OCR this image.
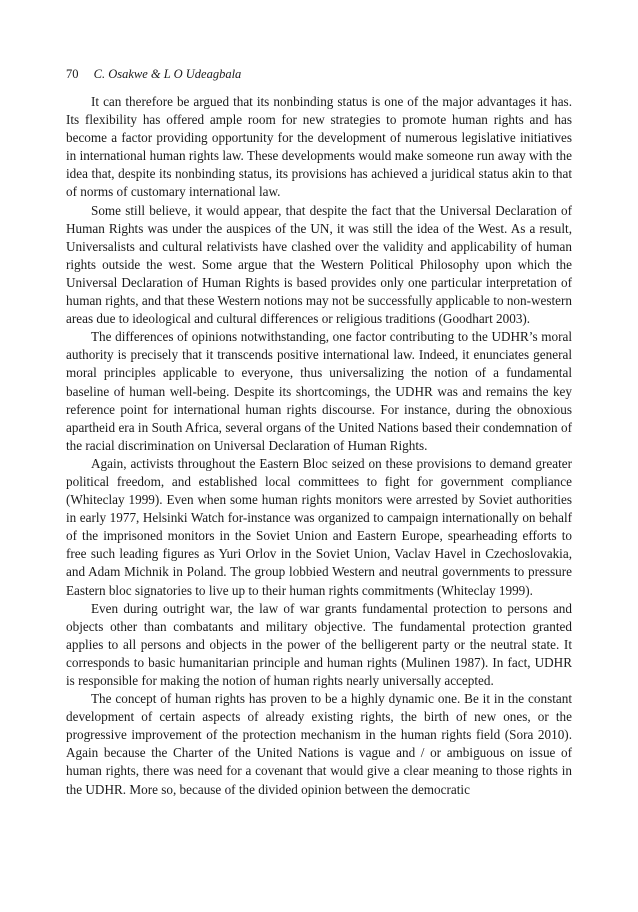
70 C. Osakwe & L O Udeagbala

It can therefore be argued that its nonbinding status is one of the major advantages it has. Its flexibility has offered ample room for new strategies to promote human rights and has become a factor providing opportunity for the development of numerous legislative initiatives in international human rights law. These developments would make someone run away with the idea that, despite its nonbinding status, its provisions has achieved a juridical status akin to that of norms of customary international law.

Some still believe, it would appear, that despite the fact that the Universal Declaration of Human Rights was under the auspices of the UN, it was still the idea of the West. As a result, Universalists and cultural relativists have clashed over the validity and applicability of human rights outside the west. Some argue that the Western Political Philosophy upon which the Universal Declaration of Human Rights is based provides only one particular interpretation of human rights, and that these Western notions may not be successfully applicable to non-western areas due to ideological and cultural differences or religious traditions (Goodhart 2003).

The differences of opinions notwithstanding, one factor contributing to the UDHR’s moral authority is precisely that it transcends positive international law. Indeed, it enunciates general moral principles applicable to everyone, thus universalizing the notion of a fundamental baseline of human well-being. Despite its shortcomings, the UDHR was and remains the key reference point for international human rights discourse. For instance, during the obnoxious apartheid era in South Africa, several organs of the United Nations based their condemnation of the racial discrimination on Universal Declaration of Human Rights.

Again, activists throughout the Eastern Bloc seized on these provisions to demand greater political freedom, and established local committees to fight for government compliance (Whiteclay 1999). Even when some human rights monitors were arrested by Soviet authorities in early 1977, Helsinki Watch for-instance was organized to campaign internationally on behalf of the imprisoned monitors in the Soviet Union and Eastern Europe, spearheading efforts to free such leading figures as Yuri Orlov in the Soviet Union, Vaclav Havel in Czechoslovakia, and Adam Michnik in Poland. The group lobbied Western and neutral governments to pressure Eastern bloc signatories to live up to their human rights commitments (Whiteclay 1999).

Even during outright war, the law of war grants fundamental protection to persons and objects other than combatants and military objective. The fundamental protection granted applies to all persons and objects in the power of the belligerent party or the neutral state. It corresponds to basic humanitarian principle and human rights (Mulinen 1987). In fact, UDHR is responsible for making the notion of human rights nearly universally accepted.

The concept of human rights has proven to be a highly dynamic one. Be it in the constant development of certain aspects of already existing rights, the birth of new ones, or the progressive improvement of the protection mechanism in the human rights field (Sora 2010). Again because the Charter of the United Nations is vague and / or ambiguous on issue of human rights, there was need for a covenant that would give a clear meaning to those rights in the UDHR. More so, because of the divided opinion between the democratic
